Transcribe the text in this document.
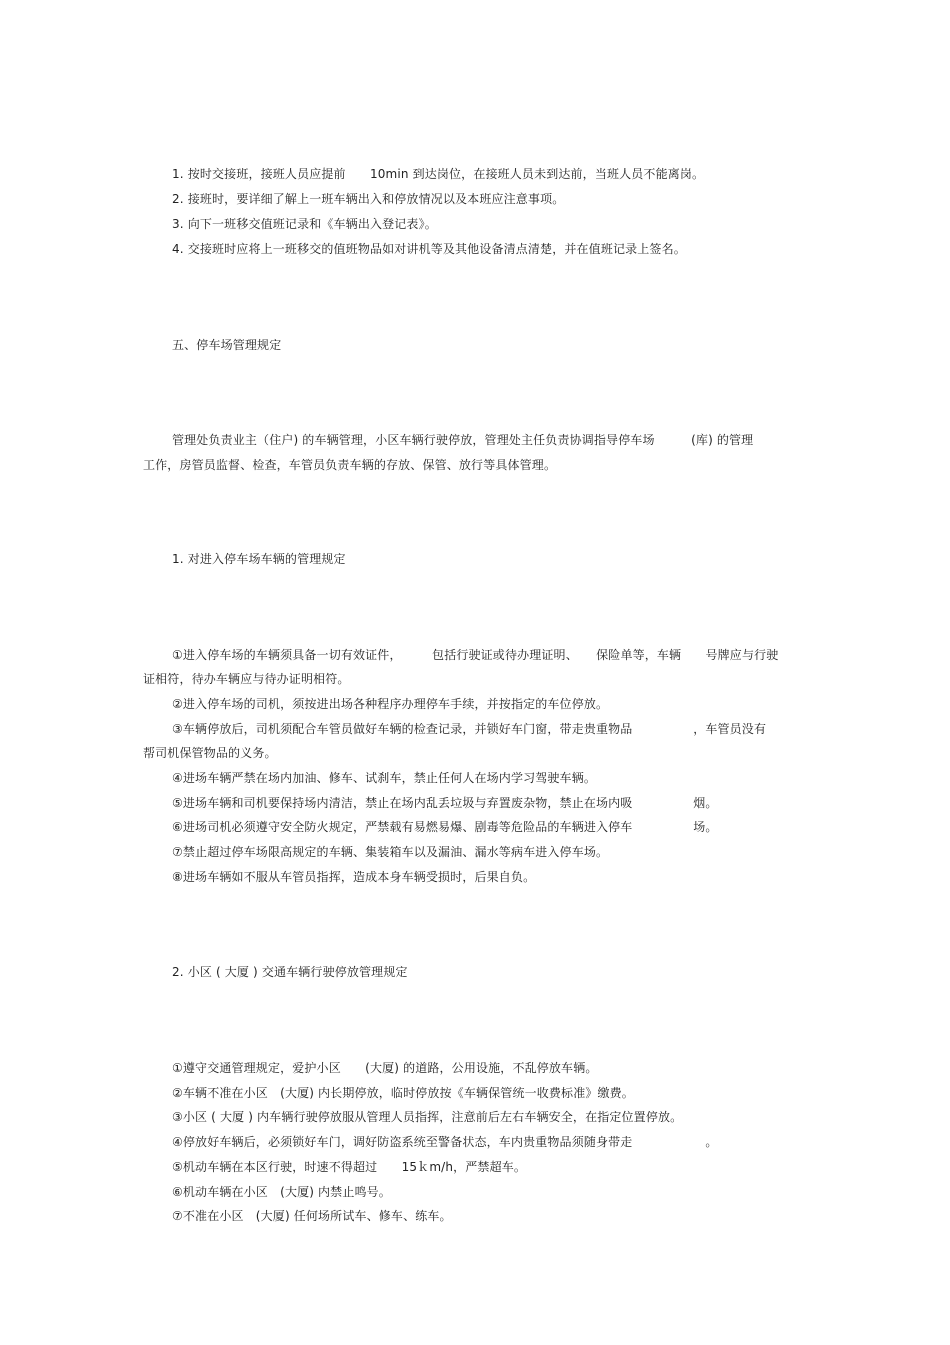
1. 按时交接班，接班人员应提前　　10min 到达岗位，在接班人员未到达前，当班人员不能离岗。
2. 接班时，要详细了解上一班车辆出入和停放情况以及本班应注意事项。
3. 向下一班移交值班记录和《车辆出入登记表》。
4. 交接班时应将上一班移交的值班物品如对讲机等及其他设备清点清楚，并在值班记录上签名。
五、停车场管理规定
管理处负责业主（住户) 的车辆管理，小区车辆行驶停放，管理处主任负责协调指导停车场　　　(库) 的管理
工作，房管员监督、检查，车管员负责车辆的存放、保管、放行等具体管理。
1. 对进入停车场车辆的管理规定
①进入停车场的车辆须具备一切有效证件，　　　包括行驶证或待办理证明、　　保险单等，车辆　　号牌应与行驶
证相符，待办车辆应与待办证明相符。
②进入停车场的司机，须按进出场各种程序办理停车手续，并按指定的车位停放。
③车辆停放后，司机须配合车管员做好车辆的检查记录，并锁好车门窗，带走贵重物品　　　　　，车管员没有
帮司机保管物品的义务。
④进场车辆严禁在场内加油、修车、试刹车，禁止任何人在场内学习驾驶车辆。
⑤进场车辆和司机要保持场内清洁，禁止在场内乱丢垃圾与弃置废杂物，禁止在场内吸　　　　　烟。
⑥进场司机必须遵守安全防火规定，严禁载有易燃易爆、剧毒等危险品的车辆进入停车　　　　　场。
⑦禁止超过停车场限高规定的车辆、集装箱车以及漏油、漏水等病车进入停车场。
⑧进场车辆如不服从车管员指挥，造成本身车辆受损时，后果自负。
2. 小区 ( 大厦 ) 交通车辆行驶停放管理规定
①遵守交通管理规定，爱护小区　　(大厦) 的道路，公用设施，不乱停放车辆。
②车辆不准在小区　(大厦) 内长期停放，临时停放按《车辆保管统一收费标准》缴费。
③小区 ( 大厦 ) 内车辆行驶停放服从管理人员指挥，注意前后左右车辆安全，在指定位置停放。
④停放好车辆后，必须锁好车门，调好防盗系统至警备状态，车内贵重物品须随身带走　　　　　　。
⑤机动车辆在本区行驶，时速不得超过　　15ｋm/h，严禁超车。
⑥机动车辆在小区　(大厦) 内禁止鸣号。
⑦不准在小区　(大厦) 任何场所试车、修车、练车。
